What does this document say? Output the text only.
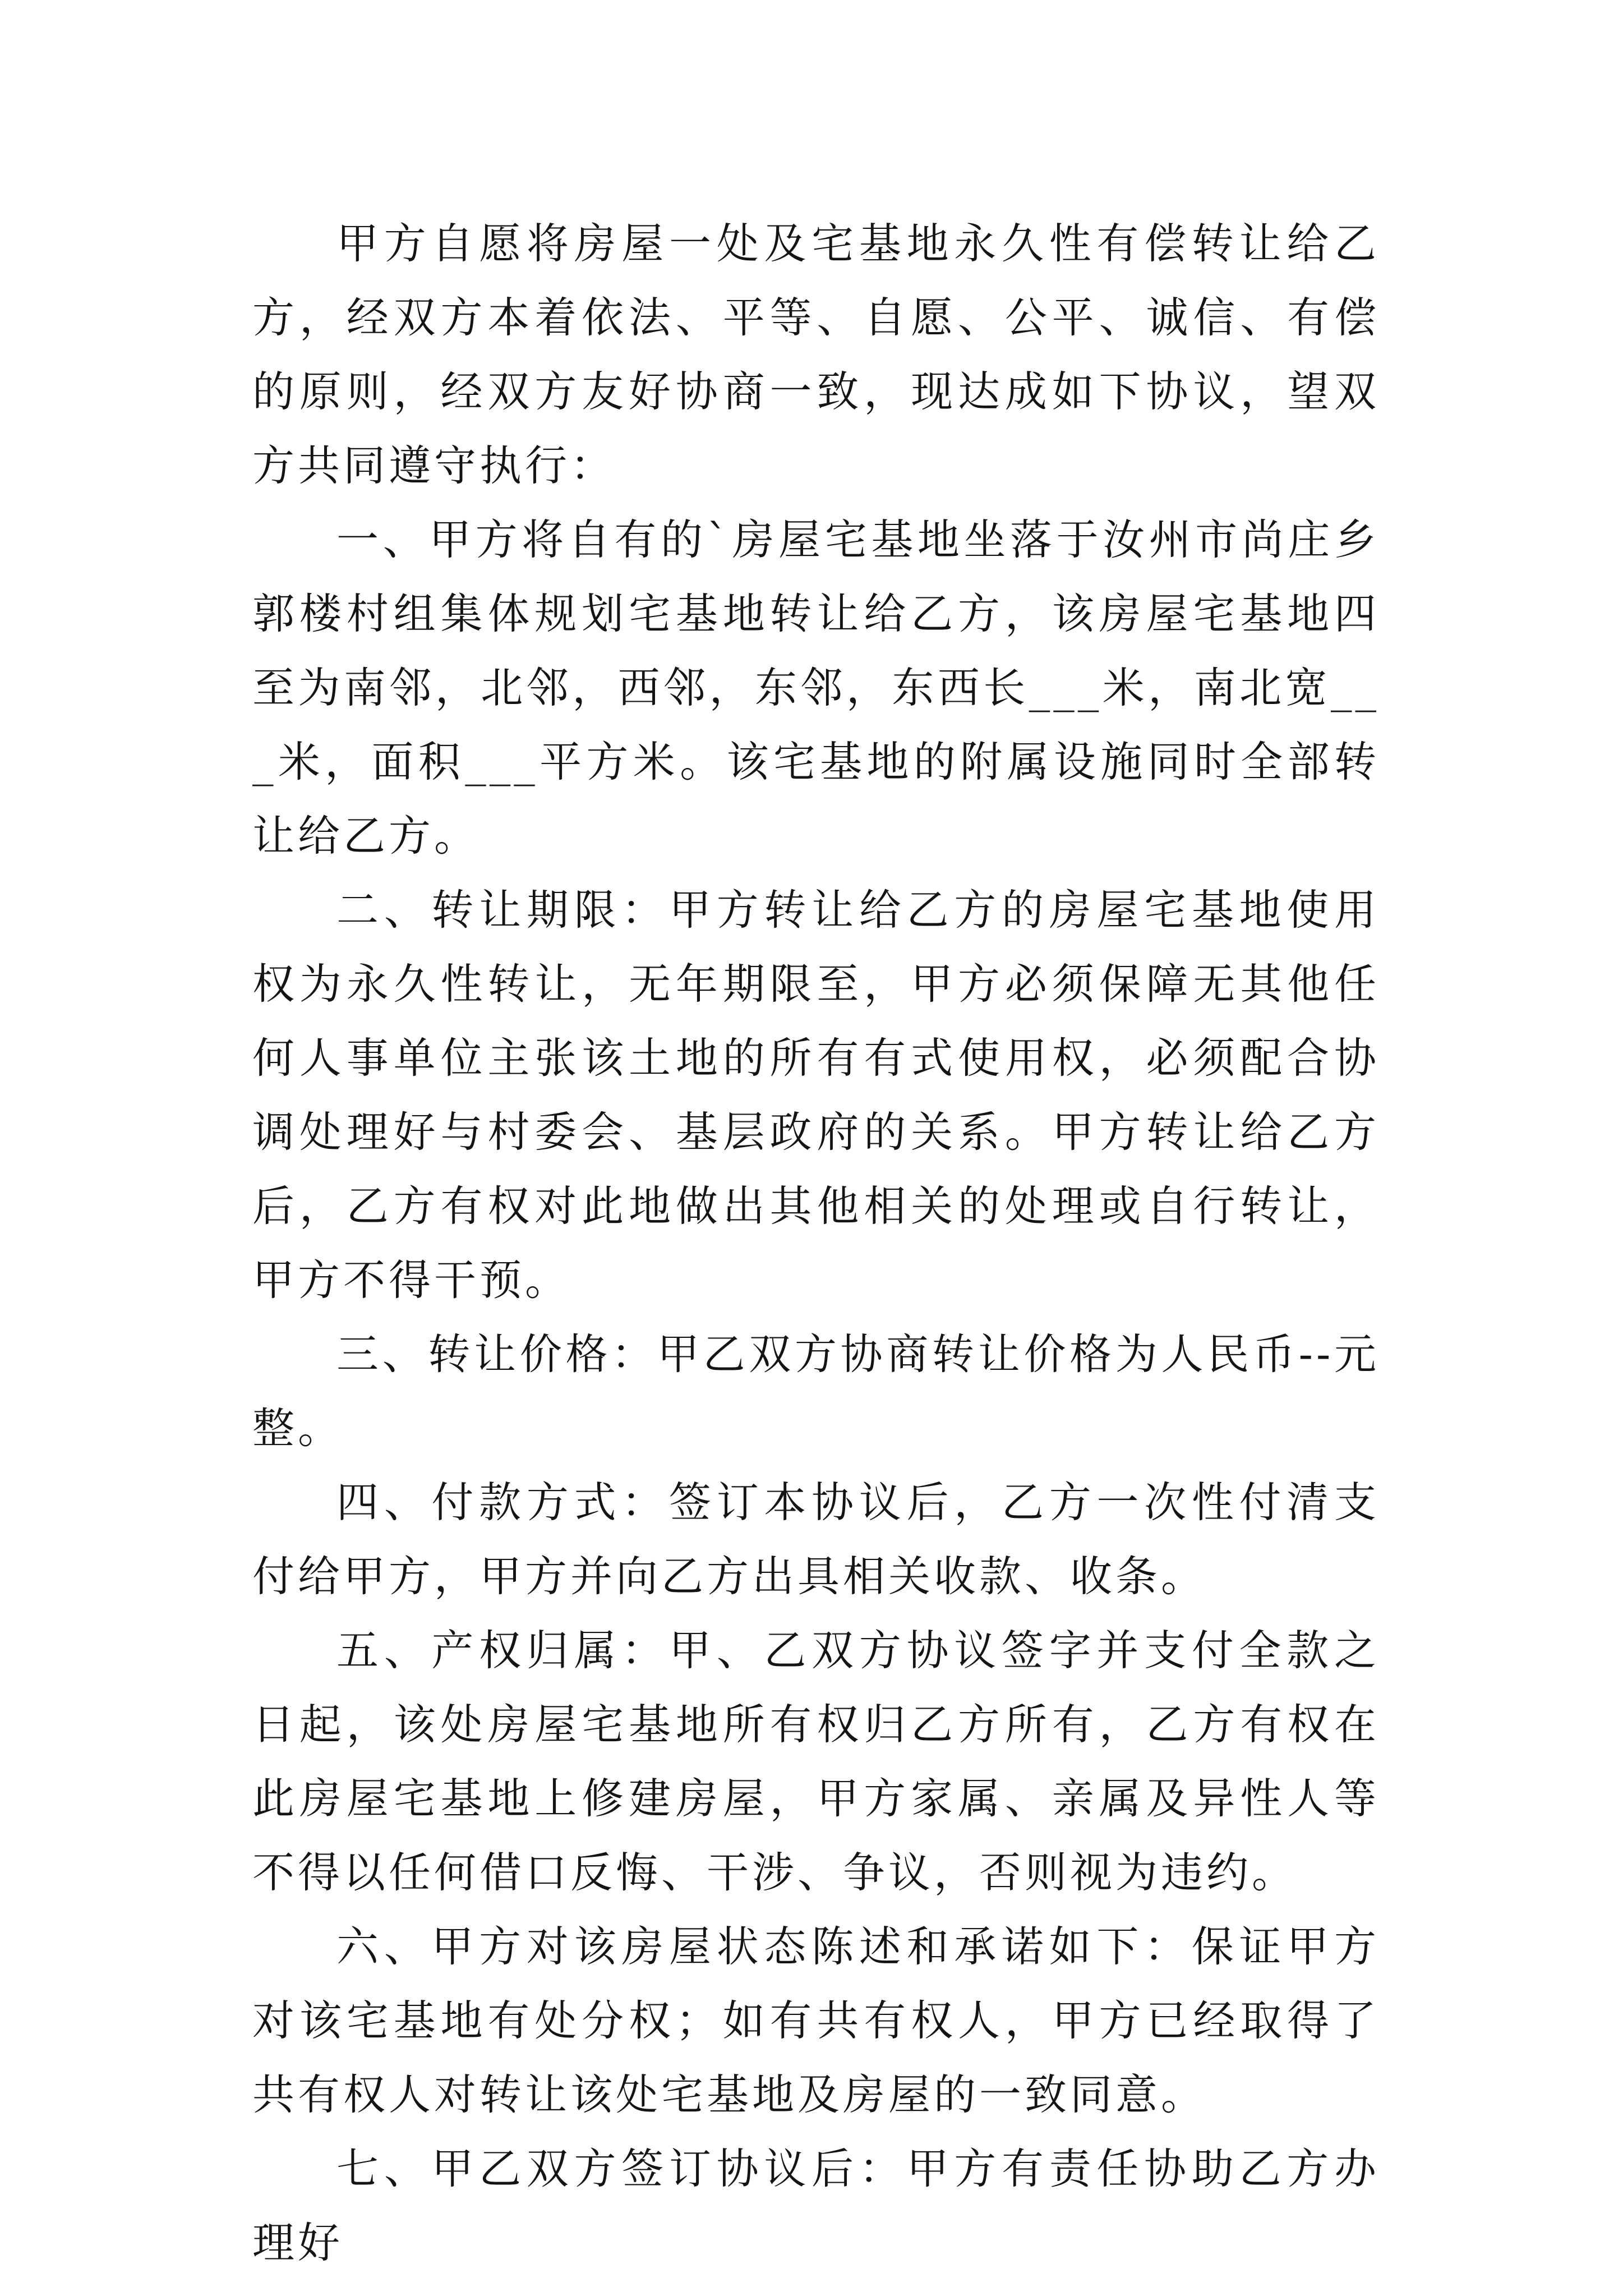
甲方自愿将房屋一处及宅基地永久性有偿转让给乙方，经双方本着依法、平等、自愿、公平、诚信、有偿的原则，经双方友好协商一致，现达成如下协议，望双方共同遵守执行：

一、甲方将自有的`房屋宅基地坐落于汝州市尚庄乡郭楼村组集体规划宅基地转让给乙方，该房屋宅基地四至为南邻，北邻，西邻，东邻，东西长___米，南北宽___米，面积___平方米。该宅基地的附属设施同时全部转让给乙方。

二、转让期限：甲方转让给乙方的房屋宅基地使用权为永久性转让，无年期限至，甲方必须保障无其他任何人事单位主张该土地的所有有式使用权，必须配合协调处理好与村委会、基层政府的关系。甲方转让给乙方后，乙方有权对此地做出其他相关的处理或自行转让，甲方不得干预。

三、转让价格：甲乙双方协商转让价格为人民币--元整。

四、付款方式：签订本协议后，乙方一次性付清支付给甲方，甲方并向乙方出具相关收款、收条。

五、产权归属：甲、乙双方协议签字并支付全款之日起，该处房屋宅基地所有权归乙方所有，乙方有权在此房屋宅基地上修建房屋，甲方家属、亲属及异性人等不得以任何借口反悔、干涉、争议，否则视为违约。

六、甲方对该房屋状态陈述和承诺如下：保证甲方对该宅基地有处分权；如有共有权人，甲方已经取得了共有权人对转让该处宅基地及房屋的一致同意。

七、甲乙双方签订协议后：甲方有责任协助乙方办理好
